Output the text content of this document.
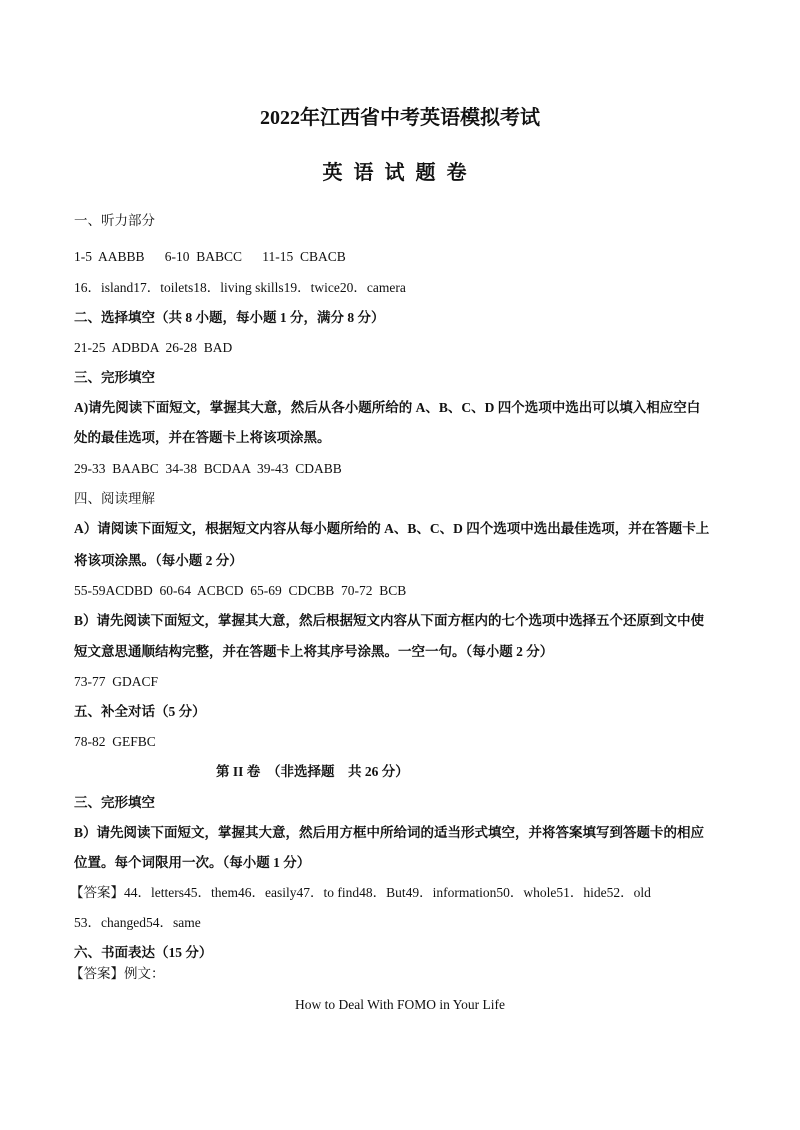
2022年江西省中考英语模拟考试
英语试题卷
一、听力部分
1-5  AABBB      6-10  BABCC      11-15  CBACB
16．island17．toilets18．living skills19．twice20．camera
二、选择填空（共 8 小题，每小题 1 分，满分 8 分）
21-25  ADBDA  26-28  BAD
三、完形填空
A)请先阅读下面短文，掌握其大意，然后从各小题所给的 A、B、C、D 四个选项中选出可以填入相应空白
处的最佳选项，并在答题卡上将该项涂黑。
29-33  BAABC  34-38  BCDAA  39-43  CDABB
四、阅读理解
A）请阅读下面短文，根据短文内容从每小题所给的 A、B、C、D 四个选项中选出最佳选项，并在答题卡上
将该项涂黑。（每小题 2 分）
55-59ACDBD  60-64  ACBCD  65-69  CDCBB  70-72  BCB
B）请先阅读下面短文，掌握其大意，然后根据短文内容从下面方框内的七个选项中选择五个还原到文中使
短文意思通顺结构完整，并在答题卡上将其序号涂黑。一空一句。（每小题 2 分）
73-77  GDACF
五、补全对话（5 分）
78-82  GEFBC
第 II 卷  （非选择题    共 26 分）
三、完形填空
B）请先阅读下面短文，掌握其大意，然后用方框中所给词的适当形式填空，并将答案填写到答题卡的相应
位置。每个词限用一次。（每小题 1 分）
【答案】44．letters45．them46．easily47．to find48．But49．information50．whole51．hide52．old
53．changed54．same
六、书面表达（15 分）
【答案】例文：
How to Deal With FOMO in Your Life
